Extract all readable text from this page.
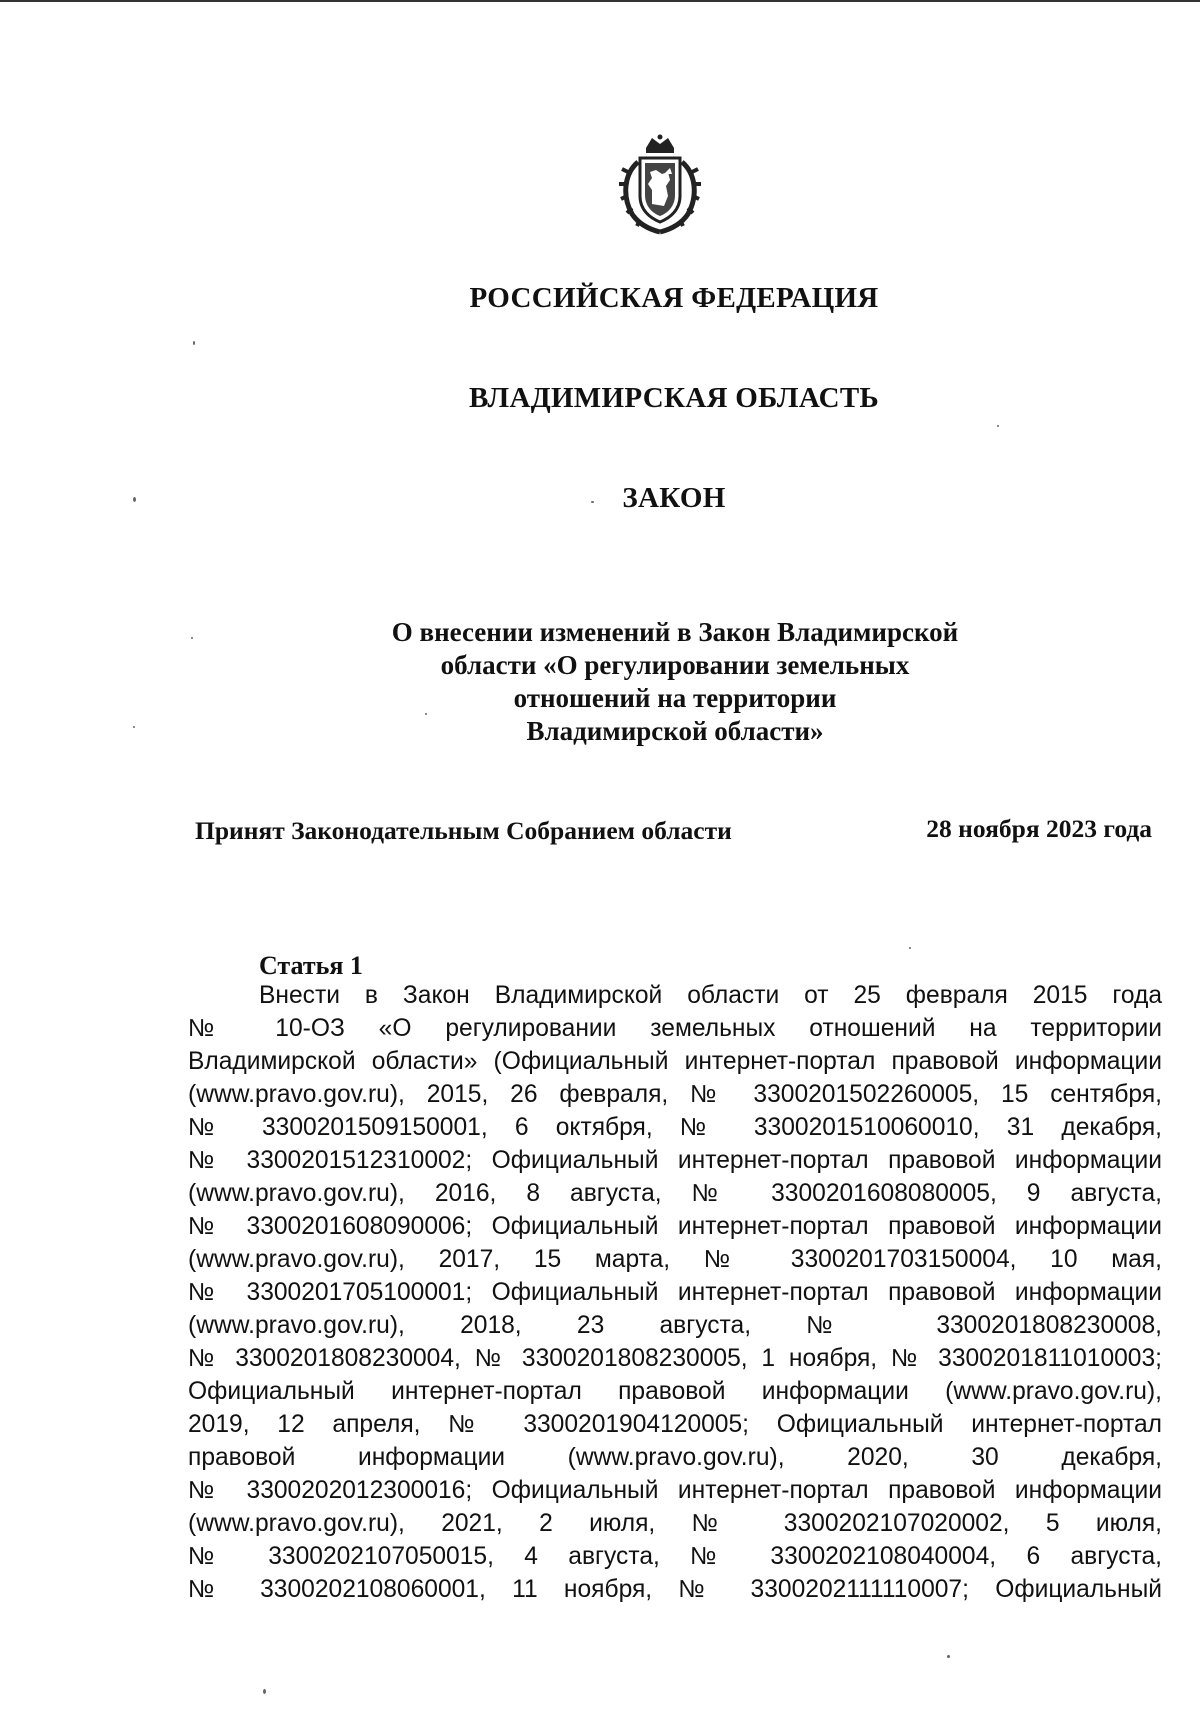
РОССИЙСКАЯ ФЕДЕРАЦИЯ
ВЛАДИМИРСКАЯ ОБЛАСТЬ
ЗАКОН
О внесении изменений в Закон Владимирской
области «О регулировании земельных
отношений на территории
Владимирской области»
Принят Законодательным Собранием области	28 ноября 2023 года
Статья 1
Внести в Закон Владимирской области от 25 февраля 2015 года
№ 10-ОЗ «О регулировании земельных отношений на территории
Владимирской области» (Официальный интернет-портал правовой информации
(www.pravo.gov.ru), 2015, 26 февраля, № 3300201502260005, 15 сентября,
№ 3300201509150001, 6 октября, № 3300201510060010, 31 декабря,
№ 3300201512310002; Официальный интернет-портал правовой информации
(www.pravo.gov.ru), 2016, 8 августа, № 3300201608080005, 9 августа,
№ 3300201608090006; Официальный интернет-портал правовой информации
(www.pravo.gov.ru), 2017, 15 марта, № 3300201703150004, 10 мая,
№ 3300201705100001; Официальный интернет-портал правовой информации
(www.pravo.gov.ru), 2018, 23 августа, № 3300201808230008,
№ 3300201808230004, № 3300201808230005, 1 ноября, № 3300201811010003;
Официальный интернет-портал правовой информации (www.pravo.gov.ru),
2019, 12 апреля, № 3300201904120005; Официальный интернет-портал
правовой информации (www.pravo.gov.ru), 2020, 30 декабря,
№ 3300202012300016; Официальный интернет-портал правовой информации
(www.pravo.gov.ru), 2021, 2 июля, № 3300202107020002, 5 июля,
№ 3300202107050015, 4 августа, № 3300202108040004, 6 августа,
№ 3300202108060001, 11 ноября, № 3300202111110007; Официальный
